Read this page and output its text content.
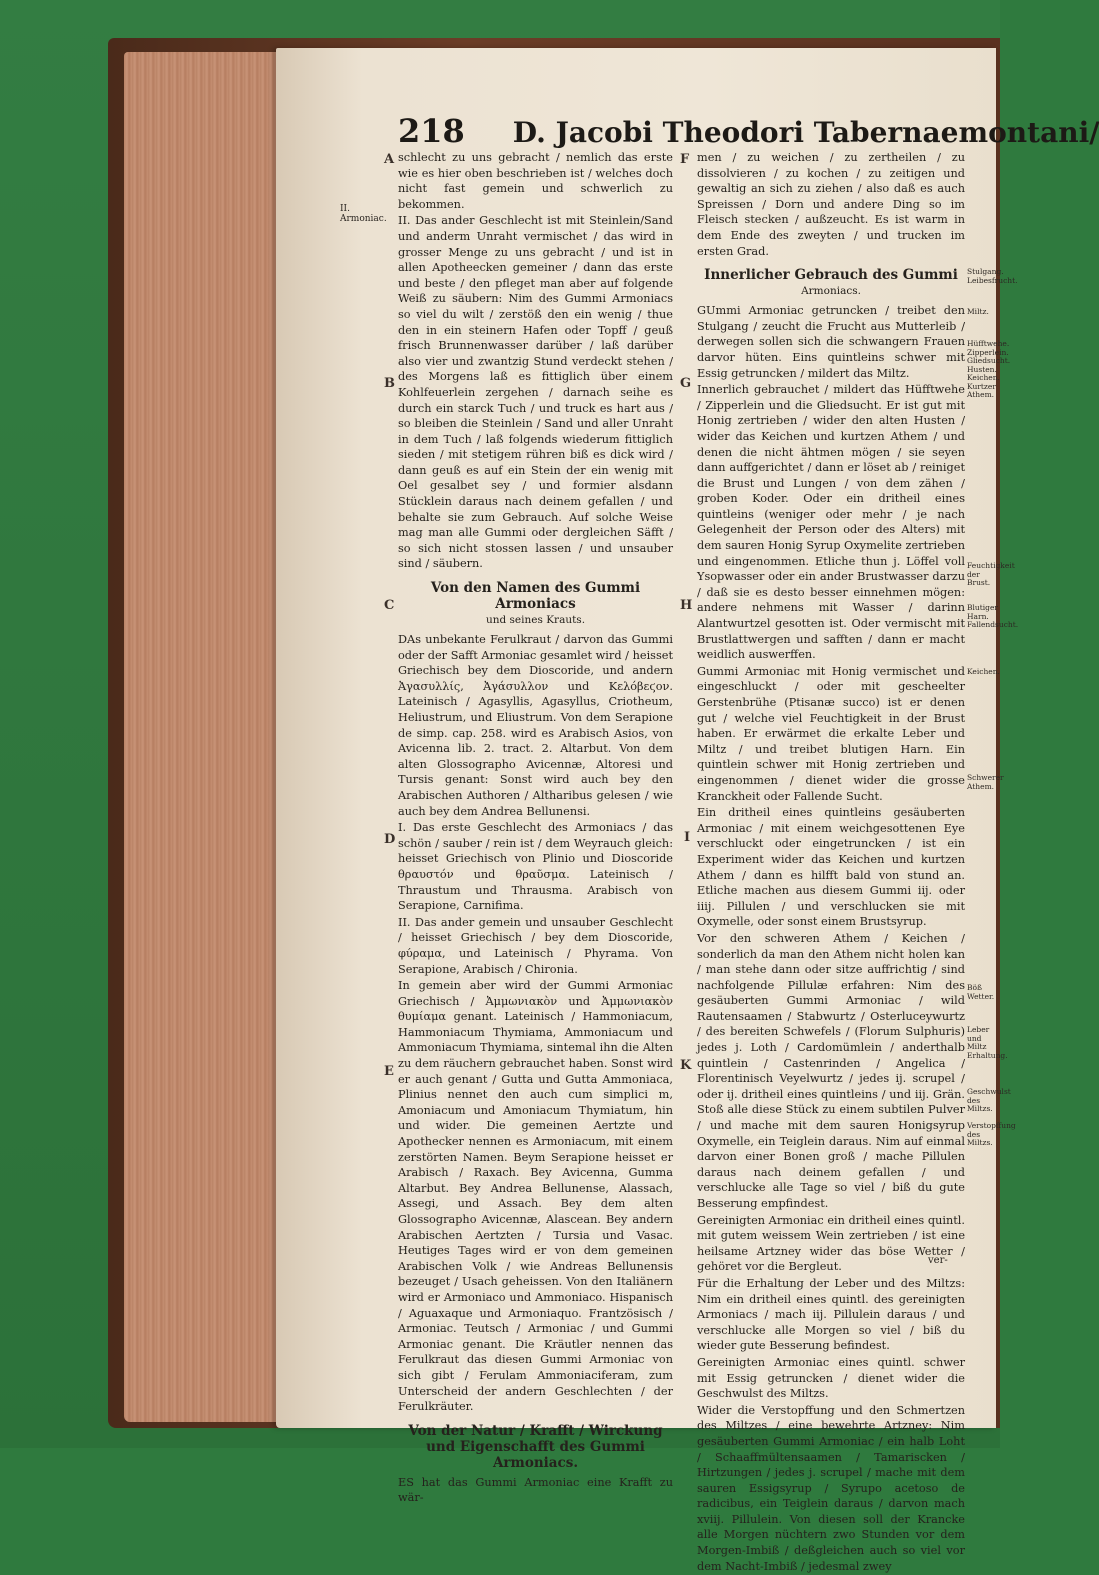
218 D. Jacobi Theodori Tabernaemontani/
II. Armoniac.
A
B
C
D
E
F
G
H
I
K

schlecht zu uns gebracht / nemlich das erste wie es hier oben beschrieben ist / welches doch nicht fast gemein und schwerlich zu bekommen.

II. Das ander Geschlecht ist mit Steinlein/Sand und anderm Unraht vermischet / das wird in grosser Menge zu uns gebracht / und ist in allen Apotheecken gemeiner / dann das erste und beste / den pfleget man aber auf folgende Weiß zu säubern: Nim des Gummi Armoniacs so viel du wilt / zerstöß den ein wenig / thue den in ein steinern Hafen oder Topff / geuß frisch Brunnenwasser darüber / laß darüber also vier und zwantzig Stund verdeckt stehen / des Morgens laß es fittiglich über einem Kohlfeuerlein zergehen / darnach seihe es durch ein starck Tuch / und truck es hart aus / so bleiben die Steinlein / Sand und aller Unraht in dem Tuch / laß folgends wiederum fittiglich sieden / mit stetigem rühren biß es dick wird / dann geuß es auf ein Stein der ein wenig mit Oel gesalbet sey / und formier alsdann Stücklein daraus nach deinem gefallen / und behalte sie zum Gebrauch. Auf solche Weise mag man alle Gummi oder dergleichen Säfft / so sich nicht stossen lassen / und unsauber sind / säubern.

Von den Namen des Gummi Armoniacs
und seines Krauts.

DAs unbekante Ferulkraut / darvon das Gummi oder der Safft Armoniac gesamlet wird / heisset Griechisch bey dem Dioscoride, und andern Ἀγασυλλίς, Ἀγάσυλλον und Κελόβεϛον. Lateinisch / Agasyllis, Agasyllus, Criotheum, Heliustrum, und Eliustrum. Von dem Serapione de simp. cap. 258. wird es Arabisch Asios, von Avicenna lib. 2. tract. 2. Altarbut. Von dem alten Glossographo Avicennæ, Altoresi und Tursis genant: Sonst wird auch bey den Arabischen Authoren / Altharibus gelesen / wie auch bey dem Andrea Bellunensi.

I. Das erste Geschlecht des Armoniacs / das schön / sauber / rein ist / dem Weyrauch gleich: heisset Griechisch von Plinio und Dioscoride θραυστόν und θραῦσμα. Lateinisch / Thraustum und Thrausma. Arabisch von Serapione, Carnifima.

II. Das ander gemein und unsauber Geschlecht / heisset Griechisch / bey dem Dioscoride, φύραμα, und Lateinisch / Phyrama. Von Serapione, Arabisch / Chironia.

In gemein aber wird der Gummi Armoniac Griechisch / Ἀμμωνιακὸν und Ἀμμωνιακὸν θυμίαμα genant. Lateinisch / Hammoniacum, Hammoniacum Thymiama, Ammoniacum und Ammoniacum Thymiama, sintemal ihn die Alten zu dem räuchern gebrauchet haben. Sonst wird er auch genant / Gutta und Gutta Ammoniaca, Plinius nennet den auch cum simplici m, Amoniacum und Amoniacum Thymiatum, hin und wider. Die gemeinen Aertzte und Apothecker nennen es Armoniacum, mit einem zerstörten Namen. Beym Serapione heisset er Arabisch / Raxach. Bey Avicenna, Gumma Altarbut. Bey Andrea Bellunense, Alassach, Assegi, und Assach. Bey dem alten Glossographo Avicennæ, Alascean. Bey andern Arabischen Aertzten / Tursia und Vasac. Heutiges Tages wird er von dem gemeinen Arabischen Volk / wie Andreas Bellunensis bezeuget / Usach geheissen. Von den Italiänern wird er Armoniaco und Ammoniaco. Hispanisch / Aguaxaque und Armoniaquo. Frantzösisch / Armoniac. Teutsch / Armoniac / und Gummi Armoniac genant. Die Kräutler nennen das Ferulkraut das diesen Gummi Armoniac von sich gibt / Ferulam Ammoniaciferam, zum Unterscheid der andern Geschlechten / der Ferulkräuter.

Von der Natur / Krafft / Wirckung und Eigenschafft des Gummi Armoniacs.

ES hat das Gummi Armoniac eine Krafft zu wär-

men / zu weichen / zu zertheilen / zu dissolvieren / zu kochen / zu zeitigen und gewaltig an sich zu ziehen / also daß es auch Spreissen / Dorn und andere Ding so im Fleisch stecken / außzeucht. Es ist warm in dem Ende des zweyten / und trucken im ersten Grad.

Innerlicher Gebrauch des Gummi
Armoniacs.

GUmmi Armoniac getruncken / treibet den Stulgang / zeucht die Frucht aus Mutterleib / derwegen sollen sich die schwangern Frauen darvor hüten. Eins quintleins schwer mit Essig getruncken / mildert das Miltz.

Innerlich gebrauchet / mildert das Hüfftwehe / Zipperlein und die Gliedsucht. Er ist gut mit Honig zertrieben / wider den alten Husten / wider das Keichen und kurtzen Athem / und denen die nicht ähtmen mögen / sie seyen dann auffgerichtet / dann er löset ab / reiniget die Brust und Lungen / von dem zähen / groben Koder. Oder ein dritheil eines quintleins (weniger oder mehr / je nach Gelegenheit der Person oder des Alters) mit dem sauren Honig Syrup Oxymelite zertrieben und eingenommen. Etliche thun j. Löffel voll Ysopwasser oder ein ander Brustwasser darzu / daß sie es desto besser einnehmen mögen: andere nehmens mit Wasser / darinn Alantwurtzel gesotten ist. Oder vermischt mit Brustlattwergen und safften / dann er macht weidlich auswerffen.

Gummi Armoniac mit Honig vermischet und eingeschluckt / oder mit gescheelter Gerstenbrühe (Ptisanæ succo) ist er denen gut / welche viel Feuchtigkeit in der Brust haben. Er erwärmet die erkalte Leber und Miltz / und treibet blutigen Harn. Ein quintlein schwer mit Honig zertrieben und eingenommen / dienet wider die grosse Kranckheit oder Fallende Sucht.

Ein dritheil eines quintleins gesäuberten Armoniac / mit einem weichgesottenen Eye verschluckt oder eingetruncken / ist ein Experiment wider das Keichen und kurtzen Athem / dann es hilfft bald von stund an. Etliche machen aus diesem Gummi iij. oder iiij. Pillulen / und verschlucken sie mit Oxymelle, oder sonst einem Brustsyrup.

Vor den schweren Athem / Keichen / sonderlich da man den Athem nicht holen kan / man stehe dann oder sitze auffrichtig / sind nachfolgende Pillulæ erfahren: Nim des gesäuberten Gummi Armoniac / wild Rautensaamen / Stabwurtz / Osterluceywurtz / des bereiten Schwefels / (Florum Sulphuris) jedes j. Loth / Cardomümlein / anderthalb quintlein / Castenrinden / Angelica / Florentinisch Veyelwurtz / jedes ij. scrupel / oder ij. dritheil eines quintleins / und iij. Grän. Stoß alle diese Stück zu einem subtilen Pulver / und mache mit dem sauren Honigsyrup Oxymelle, ein Teiglein daraus. Nim auf einmal darvon einer Bonen groß / mache Pillulen daraus nach deinem gefallen / und verschlucke alle Tage so viel / biß du gute Besserung empfindest.

Gereinigten Armoniac ein dritheil eines quintl. mit gutem weissem Wein zertrieben / ist eine heilsame Artzney wider das böse Wetter / gehöret vor die Bergleut.

Für die Erhaltung der Leber und des Miltzs: Nim ein dritheil eines quintl. des gereinigten Armoniacs / mach iij. Pillulein daraus / und verschlucke alle Morgen so viel / biß du wieder gute Besserung befindest.

Gereinigten Armoniac eines quintl. schwer mit Essig getruncken / dienet wider die Geschwulst des Miltzs.

Wider die Verstopffung und den Schmertzen des Miltzes / eine bewehrte Artzney: Nim gesäuberten Gummi Armoniac / ein halb Loht / Schaaffmültensaamen / Tamariscken / Hirtzungen / jedes j. scrupel / mache mit dem sauren Essigsyrup / Syrupo acetoso de radicibus, ein Teiglein daraus / darvon mach xviij. Pillulein. Von diesen soll der Krancke alle Morgen nüchtern zwo Stunden vor dem Morgen-Imbiß / deßgleichen auch so viel vor dem Nacht-Imbiß / jedesmal zwey

Stulgang. Leibesfrucht.
Miltz.
Hüfftwehe. Zipperlein. Gliedsucht. Husten. Keichen. Kurtzer Athem.
Feuchtigkeit der Brust.
Blutiger Harn. Fallendsucht.
Keichen.
Schwerer Athem.
Böß Wetter.
Leber und Miltz Erhaltung.
Geschwulst des Miltzs.
Verstopffung des Miltzs.
ver-
